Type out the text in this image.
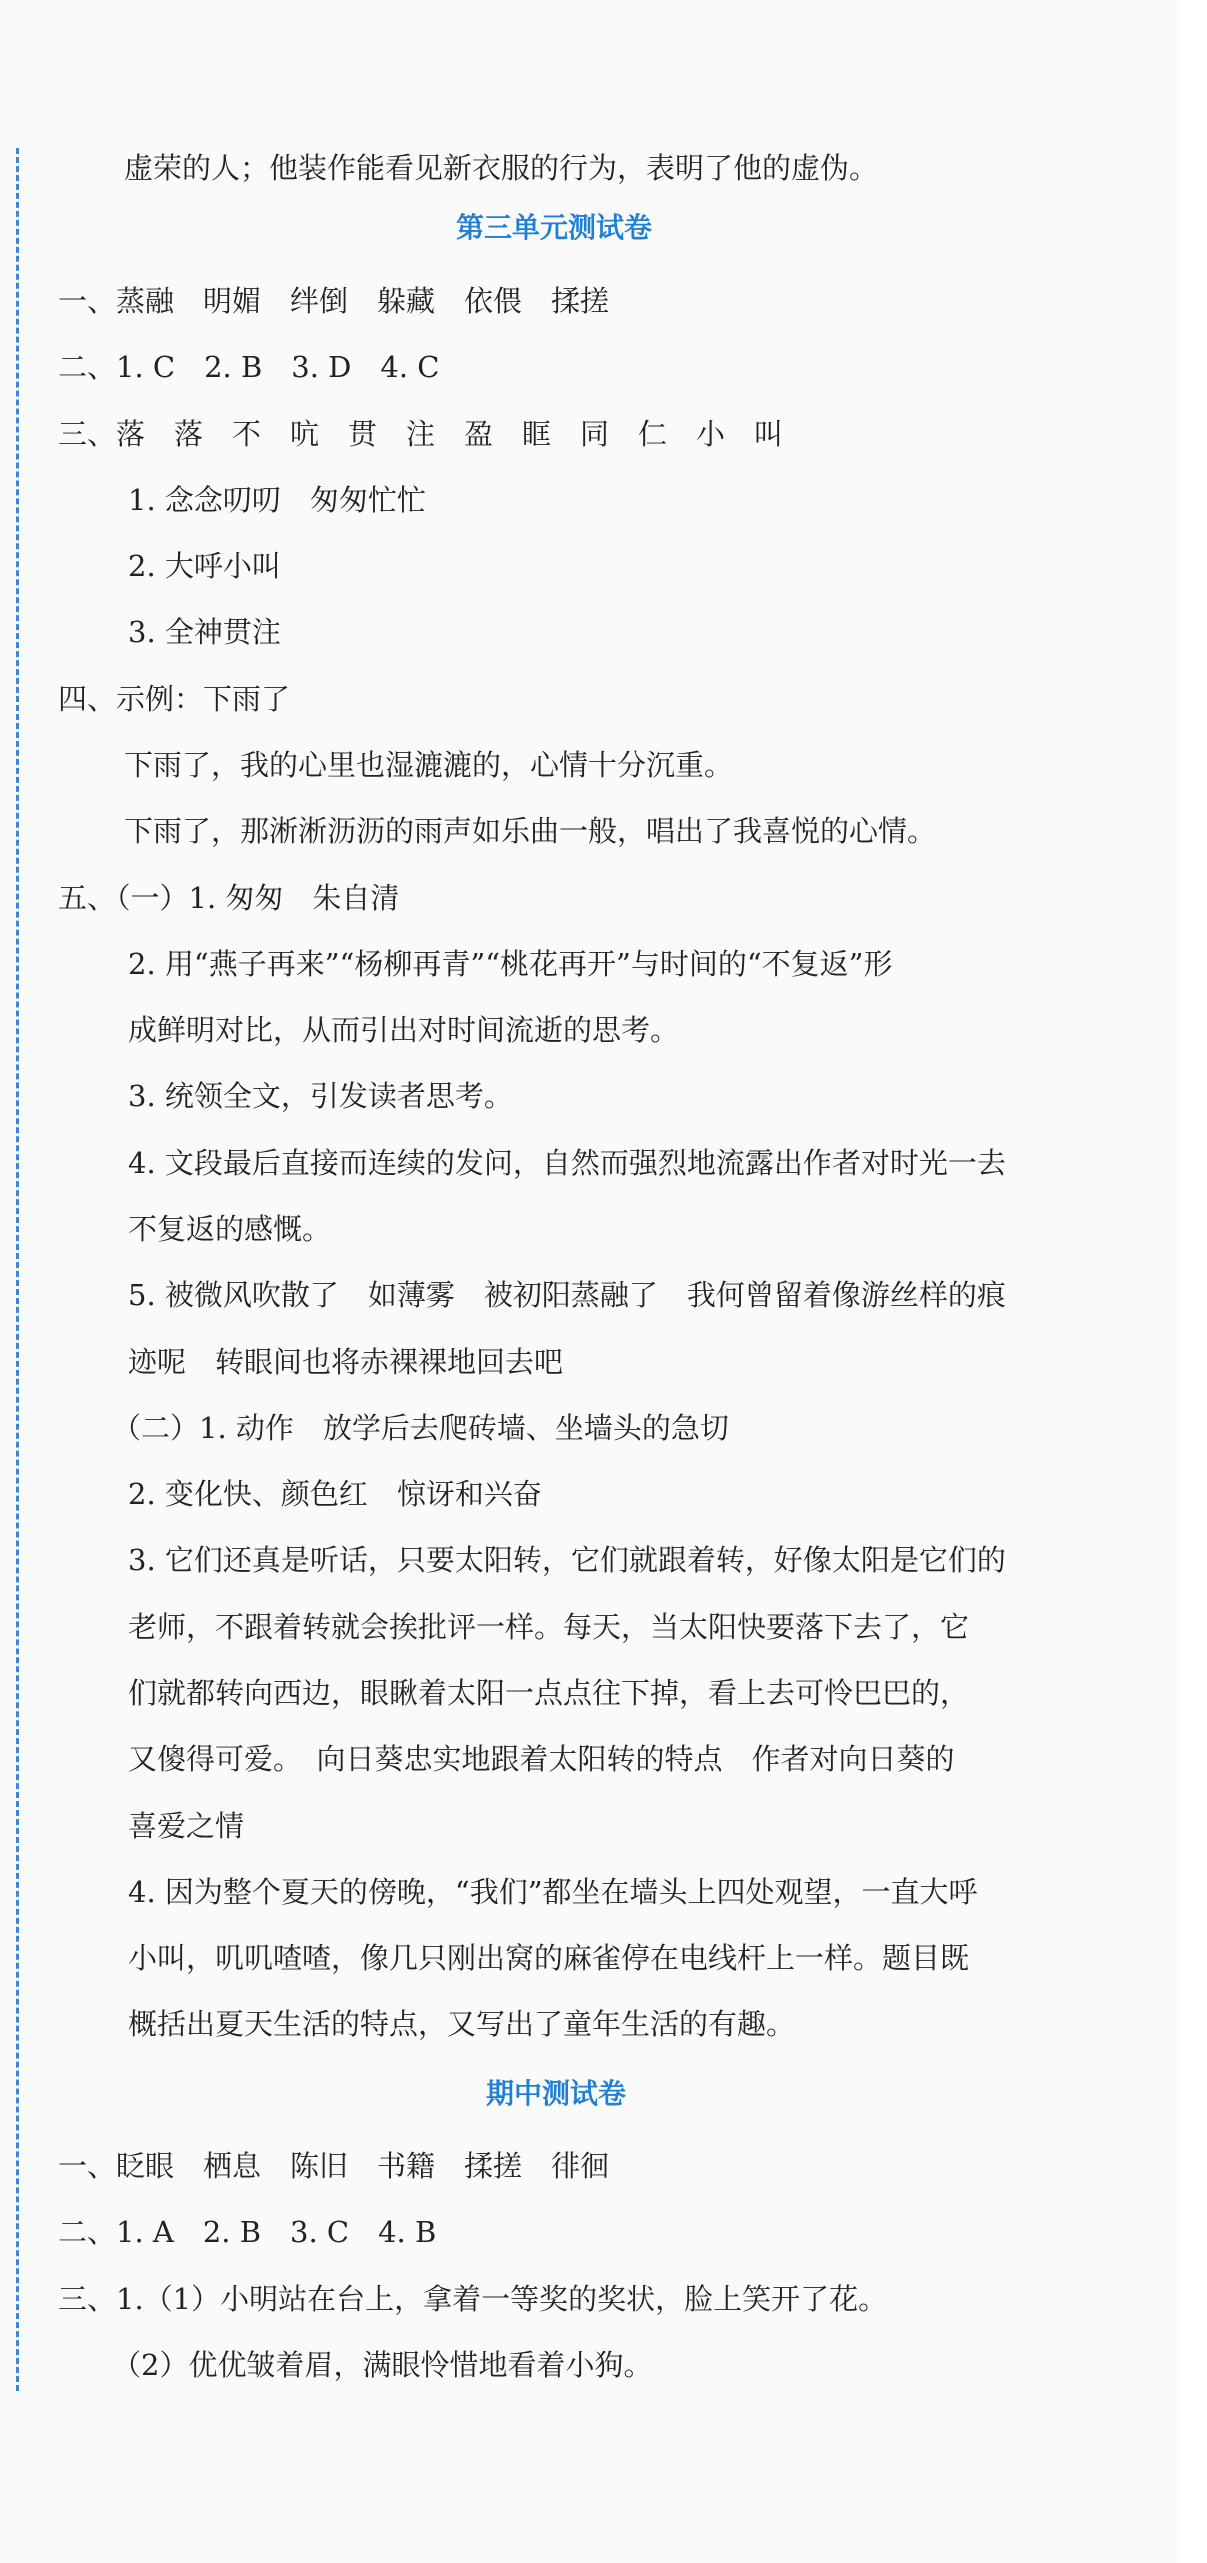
虚荣的人；他装作能看见新衣服的行为，表明了他的虚伪。
第三单元测试卷
一、蒸融　明媚　绊倒　躲藏　依偎　揉搓
二、1. C　2. B　3. D　4. C
三、落　落　不　吭　贯　注　盈　眶　同　仁　小　叫
1. 念念叨叨　匆匆忙忙
2. 大呼小叫
3. 全神贯注
四、示例：下雨了
下雨了，我的心里也湿漉漉的，心情十分沉重。
下雨了，那淅淅沥沥的雨声如乐曲一般，唱出了我喜悦的心情。
五、（一）1. 匆匆　朱自清
2. 用“燕子再来”“杨柳再青”“桃花再开”与时间的“不复返”形
成鲜明对比，从而引出对时间流逝的思考。
3. 统领全文，引发读者思考。
4. 文段最后直接而连续的发问，自然而强烈地流露出作者对时光一去
不复返的感慨。
5. 被微风吹散了　如薄雾　被初阳蒸融了　我何曾留着像游丝样的痕
迹呢　转眼间也将赤裸裸地回去吧
（二）1. 动作　放学后去爬砖墙、坐墙头的急切
2. 变化快、颜色红　惊讶和兴奋
3. 它们还真是听话，只要太阳转，它们就跟着转，好像太阳是它们的
老师，不跟着转就会挨批评一样。每天，当太阳快要落下去了，它
们就都转向西边，眼瞅着太阳一点点往下掉，看上去可怜巴巴的，
又傻得可爱。　向日葵忠实地跟着太阳转的特点　作者对向日葵的
喜爱之情
4. 因为整个夏天的傍晚，“我们”都坐在墙头上四处观望，一直大呼
小叫，叽叽喳喳，像几只刚出窝的麻雀停在电线杆上一样。题目既
概括出夏天生活的特点，又写出了童年生活的有趣。
期中测试卷
一、眨眼　栖息　陈旧　书籍　揉搓　徘徊
二、1. A　2. B　3. C　4. B
三、1.（1）小明站在台上，拿着一等奖的奖状，脸上笑开了花。
（2）优优皱着眉，满眼怜惜地看着小狗。
